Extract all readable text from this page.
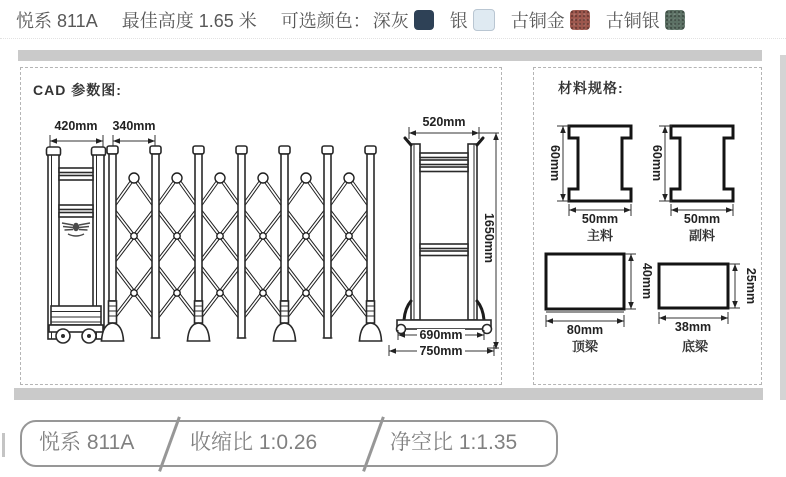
悦系 811A 最佳高度 1.65 米 可选颜色： 深灰 银 古铜金 古铜银
CAD 参数图:
420mm 340mm	520mm
690mm
750mm
1650mm
材料规格:
60mm
50mm
主料
60mm
50mm
副料
40mm
80mm
顶梁
25mm
38mm
底梁
悦系 811A	收缩比 1:0.26	净空比 1:1.35
